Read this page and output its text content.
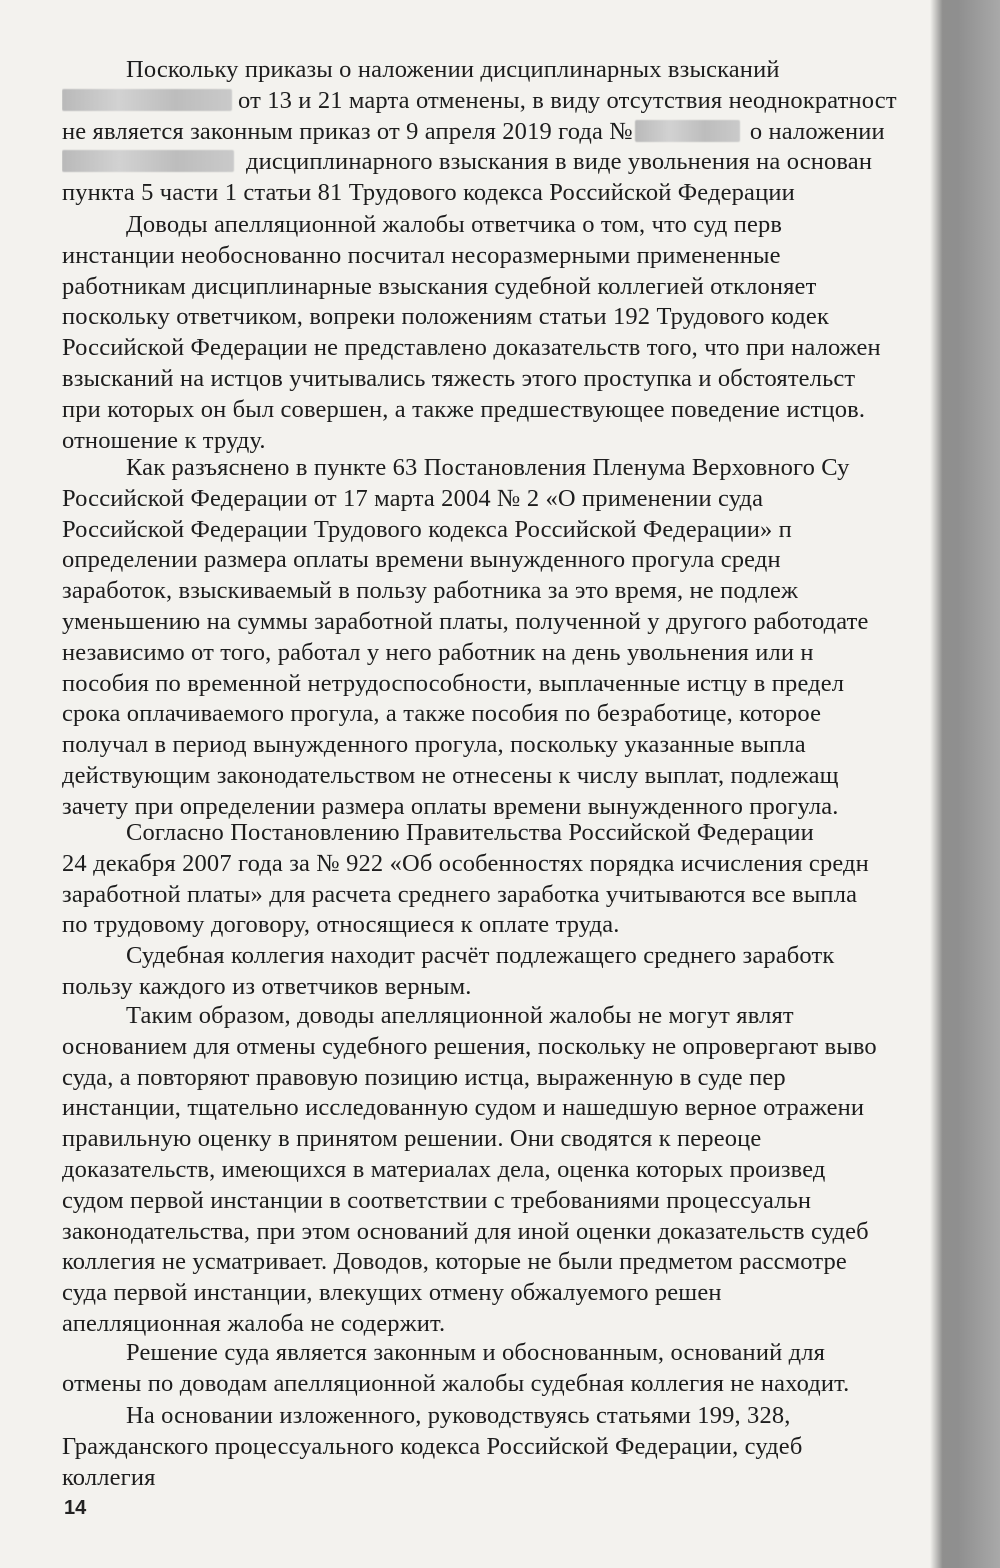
Поскольку приказы о наложении дисциплинарных взысканий
от 13 и 21 марта отменены, в виду отсутствия неоднократност
не является законным приказ от 9 апреля 2019 года №	о наложении
дисциплинарного взыскания в виде увольнения на основан
пункта 5 части 1 статьи 81 Трудового кодекса Российской Федерации
Доводы апелляционной жалобы ответчика о том, что суд перв
инстанции необоснованно посчитал несоразмерными примененные
работникам дисциплинарные взыскания судебной коллегией отклоняет
поскольку ответчиком, вопреки положениям статьи 192 Трудового кодек
Российской Федерации не представлено доказательств того, что при наложен
взысканий на истцов учитывались тяжесть этого проступка и обстоятельст
при которых он был совершен, а также предшествующее поведение истцов.
отношение к труду.
Как разъяснено в пункте 63 Постановления Пленума Верховного Су
Российской Федерации от 17 марта 2004 № 2 «О применении суда
Российской Федерации Трудового кодекса Российской Федерации» п
определении размера оплаты времени вынужденного прогула средн
заработок, взыскиваемый в пользу работника за это время, не подлеж
уменьшению на суммы заработной платы, полученной у другого работодате
независимо от того, работал у него работник на день увольнения или н
пособия по временной нетрудоспособности, выплаченные истцу в предел
срока оплачиваемого прогула, а также пособия по безработице, которое
получал в период вынужденного прогула, поскольку указанные выпла
действующим законодательством не отнесены к числу выплат, подлежащ
зачету при определении размера оплаты времени вынужденного прогула.
Согласно Постановлению Правительства Российской Федерации
24 декабря 2007 года за № 922 «Об особенностях порядка исчисления средн
заработной платы» для расчета среднего заработка учитываются все выпла
по трудовому договору, относящиеся к оплате труда.
Судебная коллегия находит расчёт подлежащего среднего заработк
пользу каждого из ответчиков верным.
Таким образом, доводы апелляционной жалобы не могут являт
основанием для отмены судебного решения, поскольку не опровергают выво
суда, а повторяют правовую позицию истца, выраженную в суде пер
инстанции, тщательно исследованную судом и нашедшую верное отражени
правильную оценку в принятом решении. Они сводятся к переоце
доказательств, имеющихся в материалах дела, оценка которых произвед
судом первой инстанции в соответствии с требованиями процессуальн
законодательства, при этом оснований для иной оценки доказательств судеб
коллегия не усматривает. Доводов, которые не были предметом рассмотре
суда первой инстанции, влекущих отмену обжалуемого решен
апелляционная жалоба не содержит.
Решение суда является законным и обоснованным, оснований для
отмены по доводам апелляционной жалобы судебная коллегия не находит.
На основании изложенного, руководствуясь статьями 199, 328,
Гражданского процессуального кодекса Российской Федерации, судеб
коллегия
14
